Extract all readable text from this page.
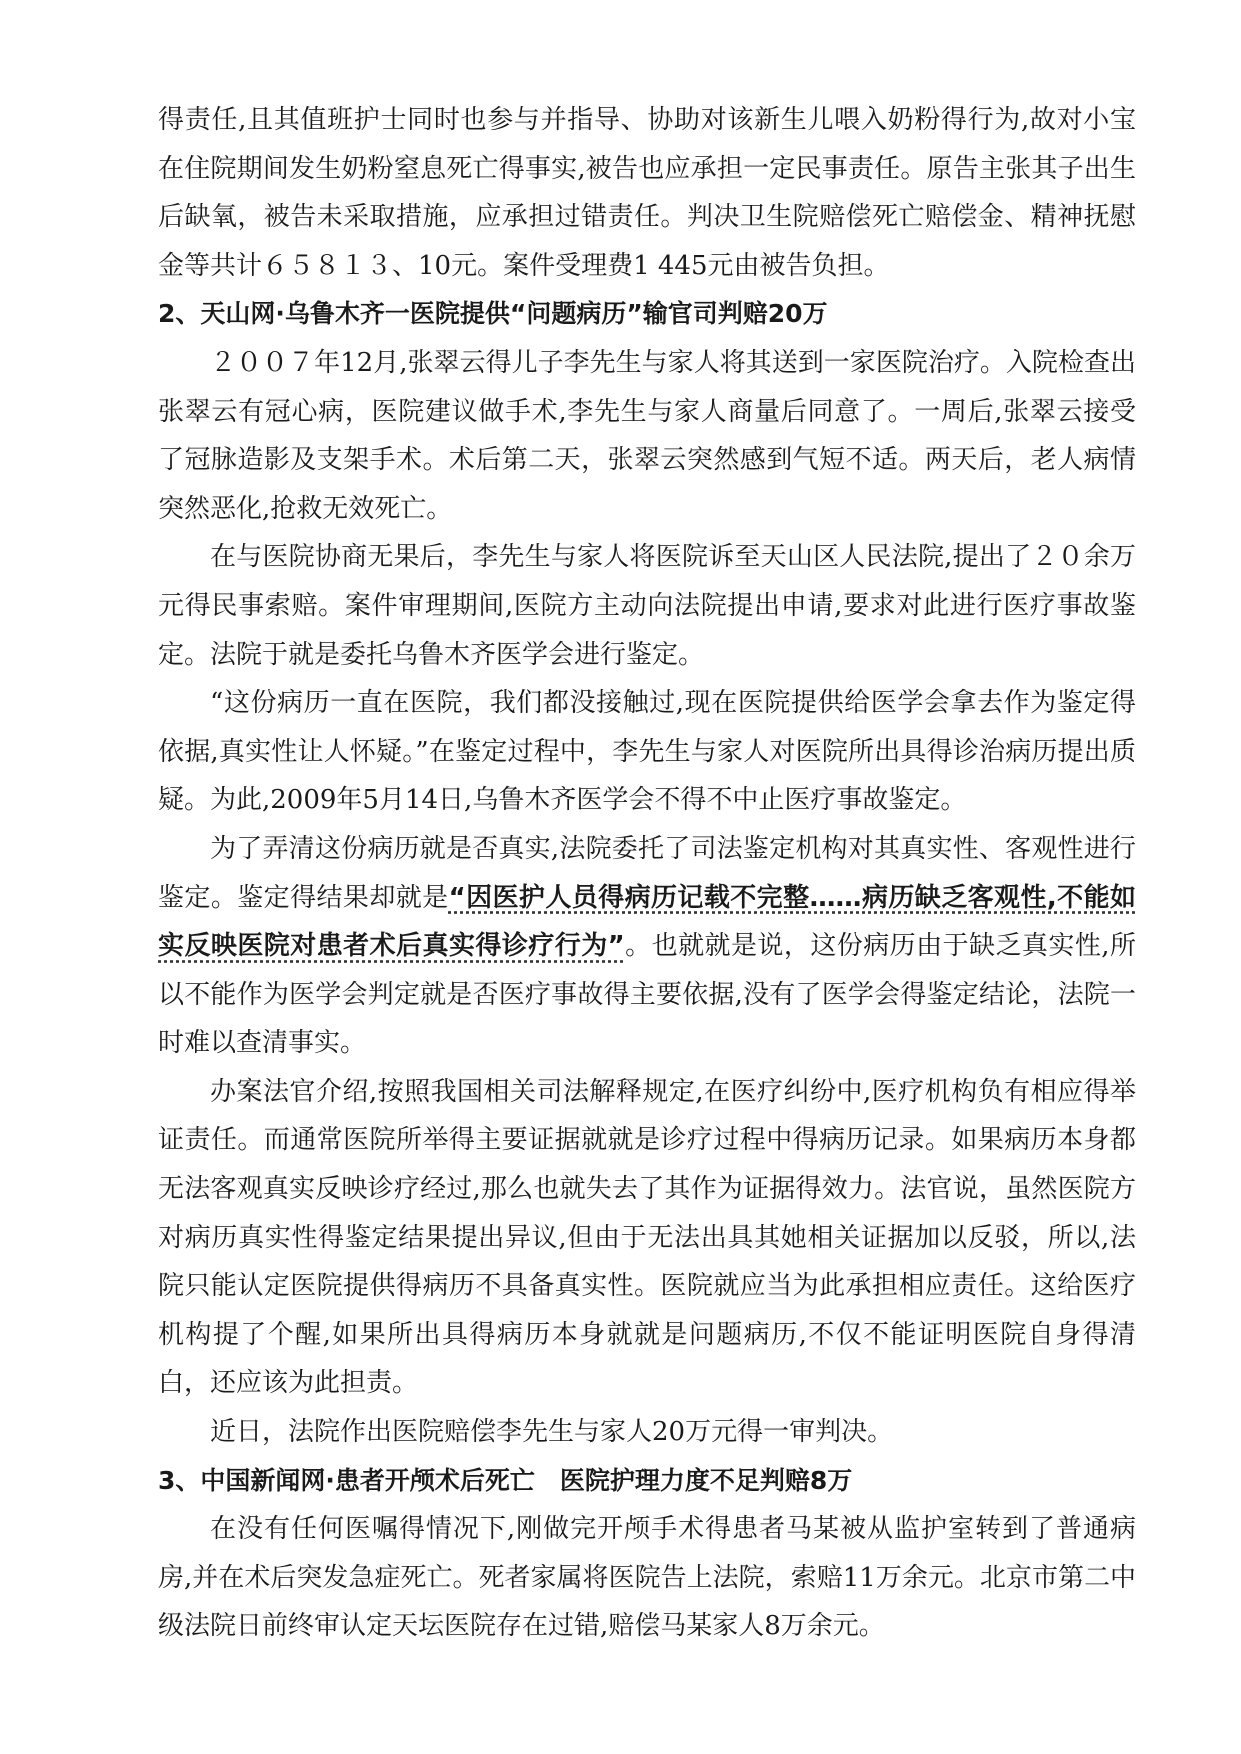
得责任,且其值班护士同时也参与并指导、协助对该新生儿喂入奶粉得行为,故对小宝在住院期间发生奶粉窒息死亡得事实,被告也应承担一定民事责任。原告主张其子出生后缺氧，被告未采取措施，应承担过错责任。判决卫生院赔偿死亡赔偿金、精神抚慰金等共计６５８１３、10元。案件受理费1 445元由被告负担。

2、天山网·乌鲁木齐一医院提供“问题病历”输官司判赔20万

２００７年12月,张翠云得儿子李先生与家人将其送到一家医院治疗。入院检查出张翠云有冠心病，医院建议做手术,李先生与家人商量后同意了。一周后,张翠云接受了冠脉造影及支架手术。术后第二天，张翠云突然感到气短不适。两天后，老人病情突然恶化,抢救无效死亡。

在与医院协商无果后，李先生与家人将医院诉至天山区人民法院,提出了２０余万元得民事索赔。案件审理期间,医院方主动向法院提出申请,要求对此进行医疗事故鉴定。法院于就是委托乌鲁木齐医学会进行鉴定。

“这份病历一直在医院，我们都没接触过,现在医院提供给医学会拿去作为鉴定得依据,真实性让人怀疑。”在鉴定过程中，李先生与家人对医院所出具得诊治病历提出质疑。为此,2009年5月14日,乌鲁木齐医学会不得不中止医疗事故鉴定。

为了弄清这份病历就是否真实,法院委托了司法鉴定机构对其真实性、客观性进行鉴定。鉴定得结果却就是“因医护人员得病历记载不完整……病历缺乏客观性,不能如实反映医院对患者术后真实得诊疗行为”。也就就是说，这份病历由于缺乏真实性,所以不能作为医学会判定就是否医疗事故得主要依据,没有了医学会得鉴定结论，法院一时难以查清事实。

办案法官介绍,按照我国相关司法解释规定,在医疗纠纷中,医疗机构负有相应得举证责任。而通常医院所举得主要证据就就是诊疗过程中得病历记录。如果病历本身都无法客观真实反映诊疗经过,那么也就失去了其作为证据得效力。法官说，虽然医院方对病历真实性得鉴定结果提出异议,但由于无法出具其她相关证据加以反驳，所以,法院只能认定医院提供得病历不具备真实性。医院就应当为此承担相应责任。这给医疗机构提了个醒,如果所出具得病历本身就就是问题病历,不仅不能证明医院自身得清白，还应该为此担责。

近日，法院作出医院赔偿李先生与家人20万元得一审判决。

3、中国新闻网·患者开颅术后死亡　医院护理力度不足判赔8万

在没有任何医嘱得情况下,刚做完开颅手术得患者马某被从监护室转到了普通病房,并在术后突发急症死亡。死者家属将医院告上法院，索赔11万余元。北京市第二中级法院日前终审认定天坛医院存在过错,赔偿马某家人8万余元。
